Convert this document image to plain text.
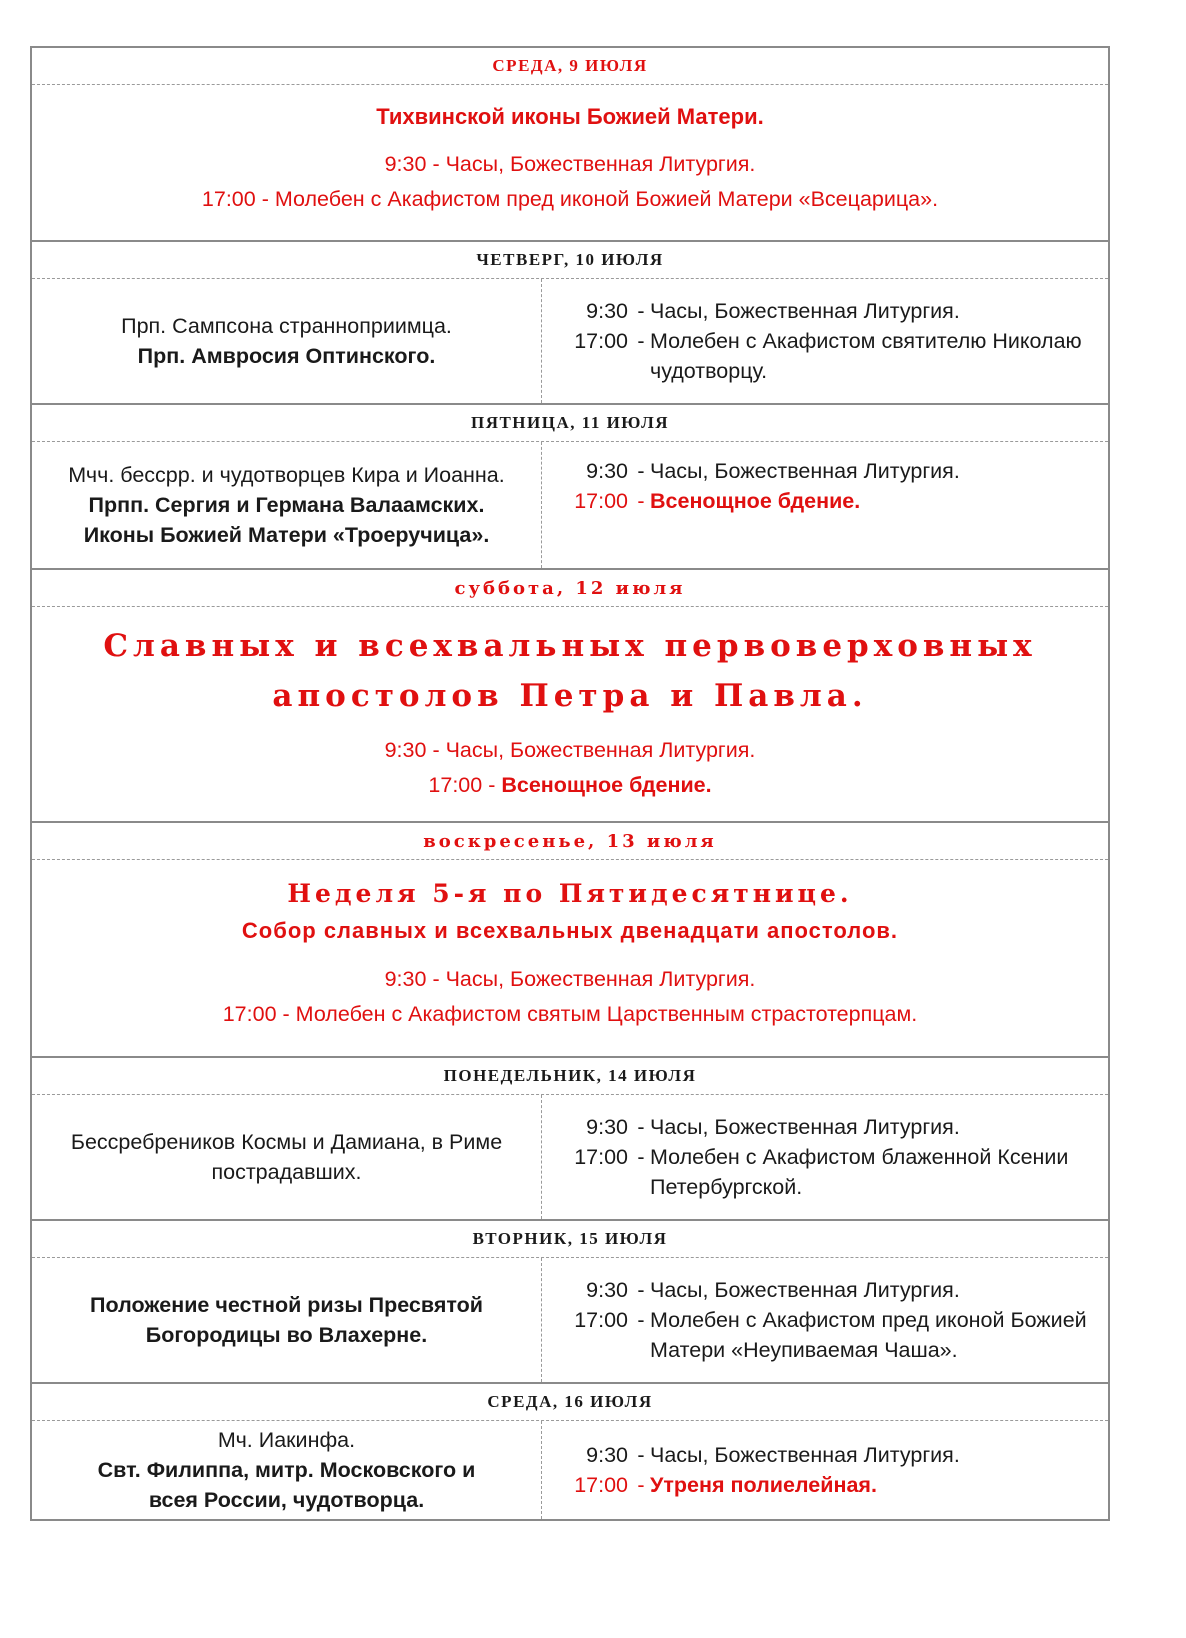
СРЕДА, 9 ИЮЛЯ
Тихвинской иконы Божией Матери.
9:30 - Часы, Божественная Литургия.
17:00 - Молебен с Акафистом пред иконой Божией Матери «Всецарица».
ЧЕТВЕРГ, 10 ИЮЛЯ
Прп. Сампсона странноприимца.
Прп. Амвросия Оптинского.
9:30 - Часы, Божественная Литургия.
17:00 - Молебен с Акафистом святителю Николаю чудотворцу.
ПЯТНИЦА, 11 ИЮЛЯ
Мчч. бессрр. и чудотворцев Кира и Иоанна.
Прпп. Сергия и Германа Валаамских.
Иконы Божией Матери «Троеручица».
9:30 - Часы, Божественная Литургия.
17:00 - Всенощное бдение.
суббота, 12 июля
Славных и всехвальных первоверховных
апостолов Петра и Павла.
9:30 - Часы, Божественная Литургия.
17:00 - Всенощное бдение.
воскресенье, 13 июля
Неделя 5-я по Пятидесятнице.
Собор славных и всехвальных двенадцати апостолов.
9:30 - Часы, Божественная Литургия.
17:00 - Молебен с Акафистом святым Царственным страстотерпцам.
ПОНЕДЕЛЬНИК, 14 ИЮЛЯ
Бессребреников Космы и Дамиана, в Риме пострадавших.
9:30 - Часы, Божественная Литургия.
17:00 - Молебен с Акафистом блаженной Ксении Петербургской.
ВТОРНИК, 15 ИЮЛЯ
Положение честной ризы Пресвятой Богородицы во Влахерне.
9:30 - Часы, Божественная Литургия.
17:00 - Молебен с Акафистом пред иконой Божией Матери «Неупиваемая Чаша».
СРЕДА, 16 ИЮЛЯ
Мч. Иакинфа.
Свт. Филиппа, митр. Московского и всея России, чудотворца.
9:30 - Часы, Божественная Литургия.
17:00 - Утреня полиелейная.
